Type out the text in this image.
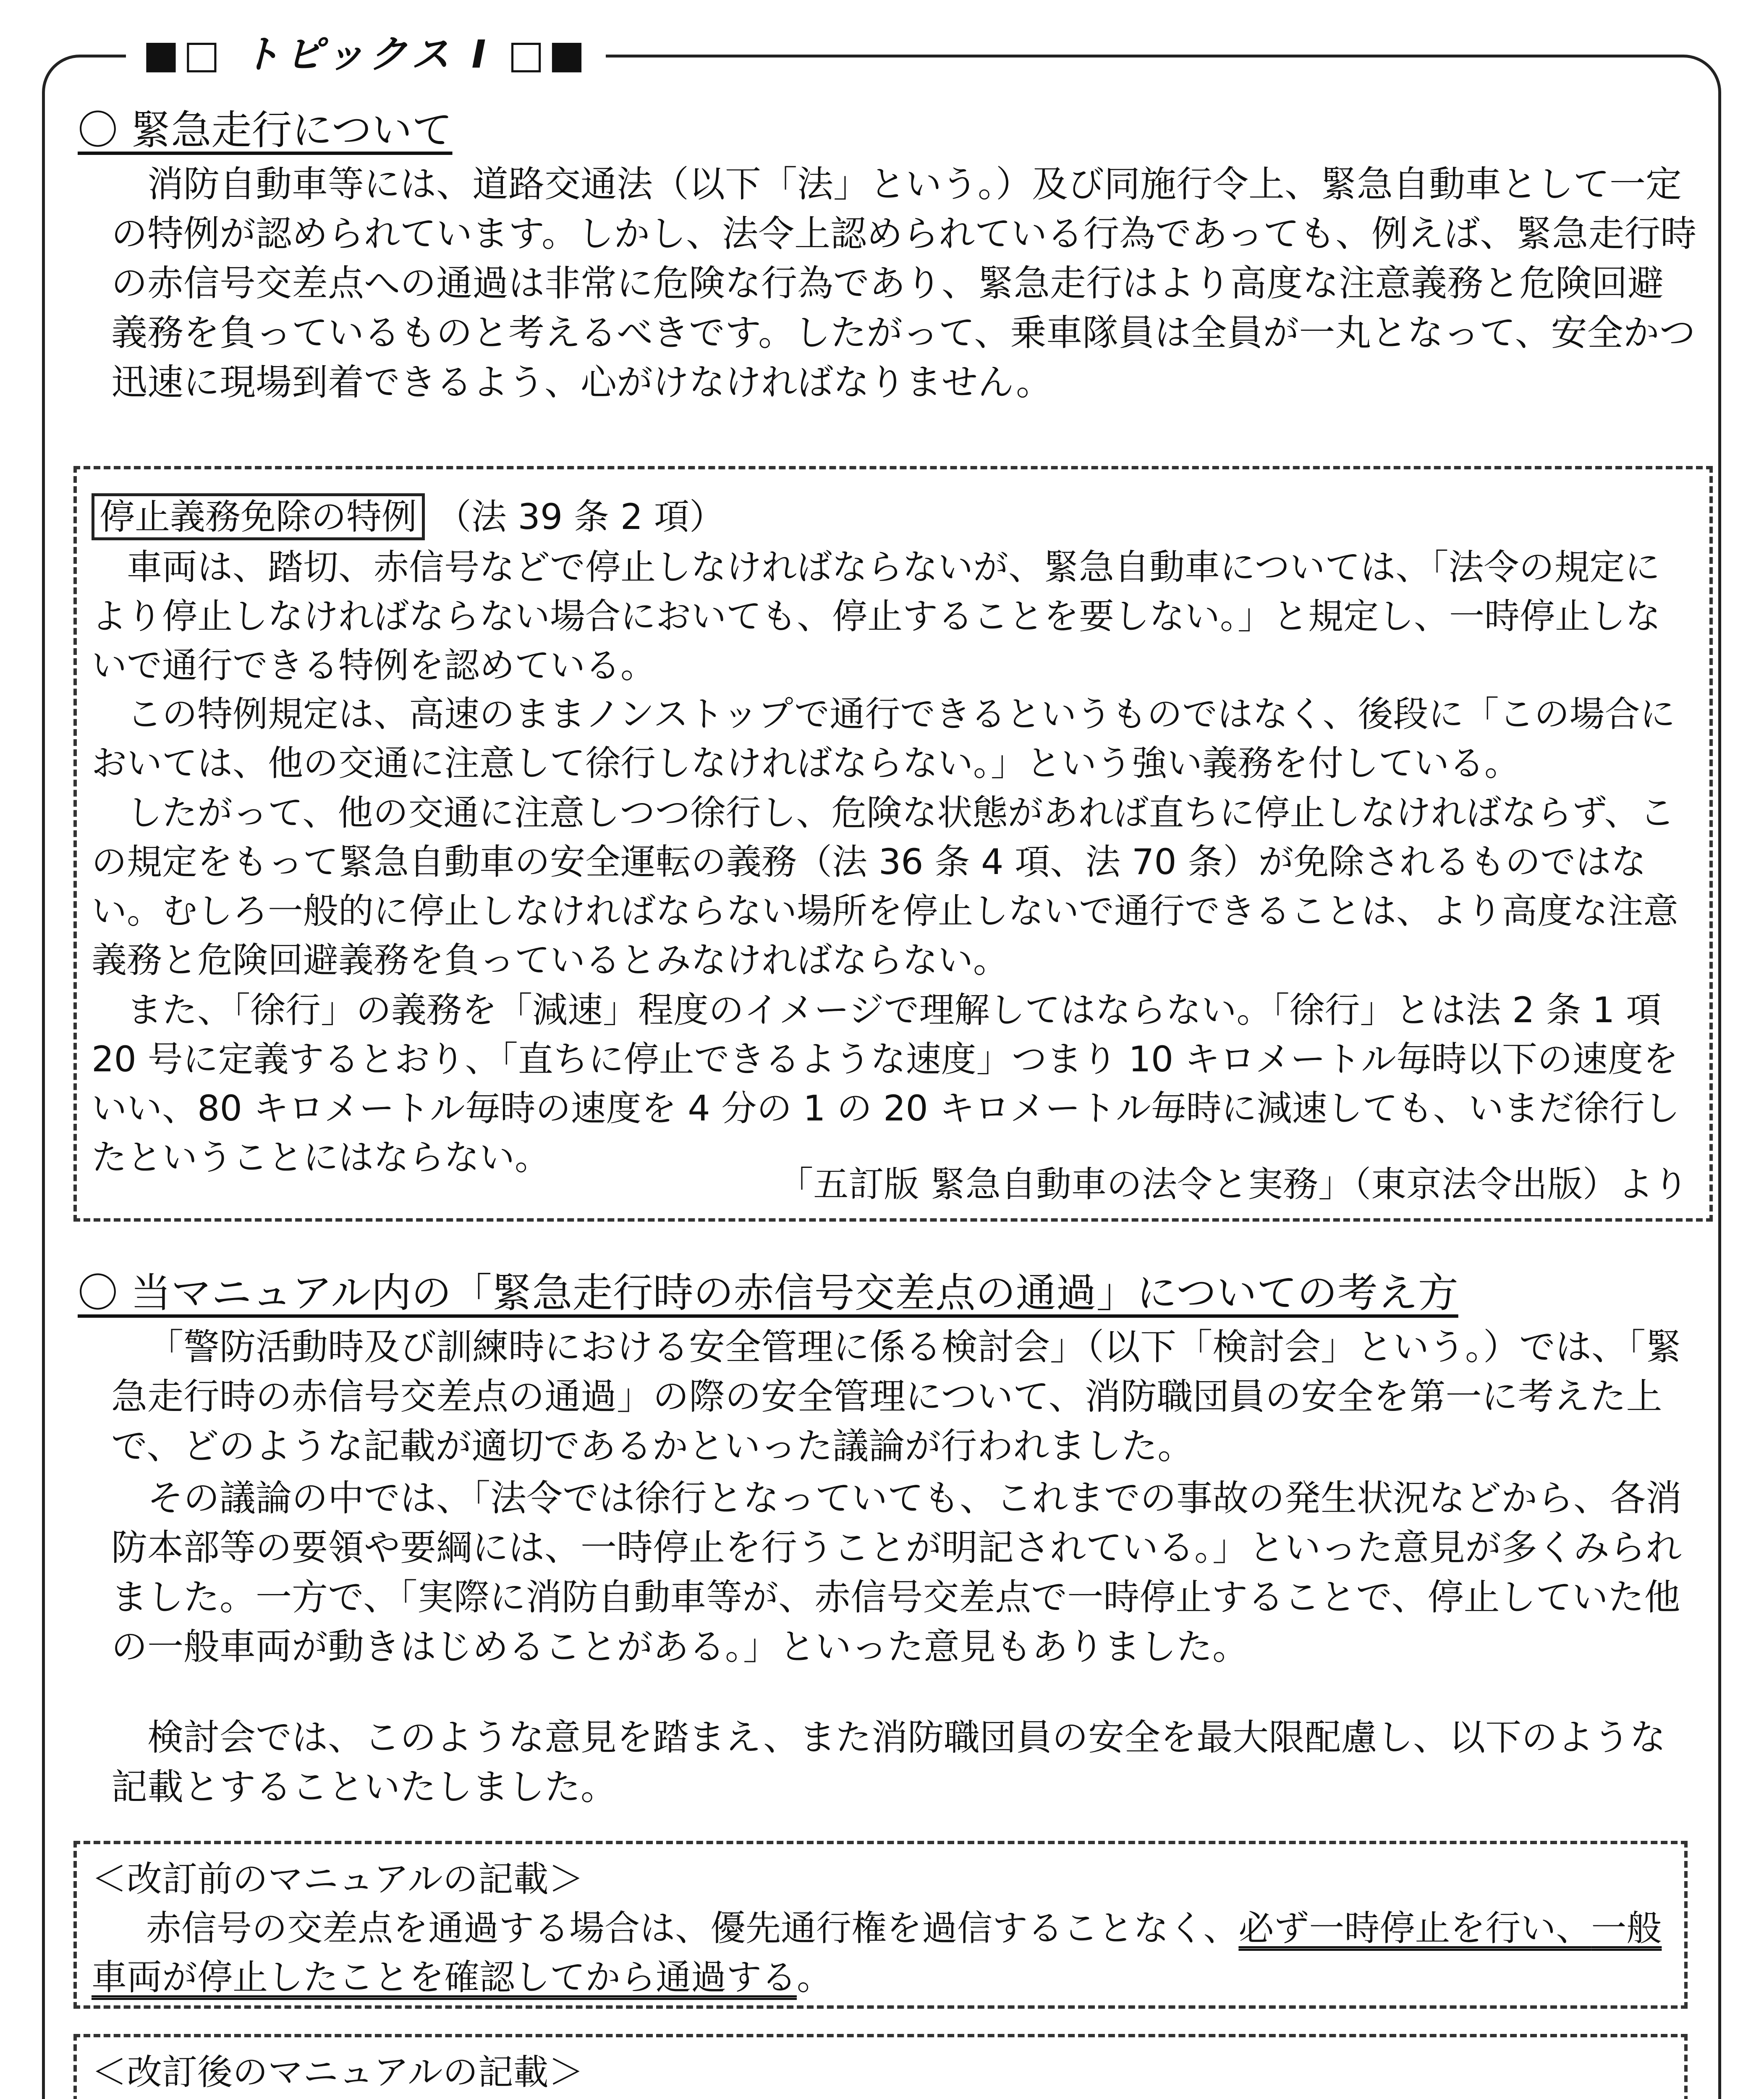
■□ トピックス Ⅰ □■
〇 緊急走行について

消防自動車等には、道路交通法（以下「法」という。）及び同施行令上、緊急自動車として一定の特例が認められています。しかし、法令上認められている行為であっても、例えば、緊急走行時の赤信号交差点への通過は非常に危険な行為であり、緊急走行はより高度な注意義務と危険回避義務を負っているものと考えるべきです。したがって、乗車隊員は全員が一丸となって、安全かつ迅速に現場到着できるよう、心がけなければなりません。

停止義務免除の特例 （法 39 条 2 項）

車両は、踏切、赤信号などで停止しなければならないが、緊急自動車については、「法令の規定により停止しなければならない場合においても、停止することを要しない。」と規定し、一時停止しないで通行できる特例を認めている。

この特例規定は、高速のままノンストップで通行できるというものではなく、後段に「この場合においては、他の交通に注意して徐行しなければならない。」という強い義務を付している。

したがって、他の交通に注意しつつ徐行し、危険な状態があれば直ちに停止しなければならず、この規定をもって緊急自動車の安全運転の義務（法 36 条 4 項、法 70 条）が免除されるものではない。むしろ一般的に停止しなければならない場所を停止しないで通行できることは、より高度な注意義務と危険回避義務を負っているとみなければならない。

また、「徐行」の義務を「減速」程度のイメージで理解してはならない。「徐行」とは法 2 条 1 項 20 号に定義するとおり、「直ちに停止できるような速度」つまり 10 キロメートル毎時以下の速度をいい、80 キロメートル毎時の速度を 4 分の 1 の 20 キロメートル毎時に減速しても、いまだ徐行したということにはならない。

「五訂版 緊急自動車の法令と実務」（東京法令出版）より
〇 当マニュアル内の「緊急走行時の赤信号交差点の通過」についての考え方

「警防活動時及び訓練時における安全管理に係る検討会」（以下「検討会」という。）では、「緊急走行時の赤信号交差点の通過」の際の安全管理について、消防職団員の安全を第一に考えた上で、どのような記載が適切であるかといった議論が行われました。

その議論の中では、「法令では徐行となっていても、これまでの事故の発生状況などから、各消防本部等の要領や要綱には、一時停止を行うことが明記されている。」といった意見が多くみられました。一方で、「実際に消防自動車等が、赤信号交差点で一時停止することで、停止していた他の一般車両が動きはじめることがある。」といった意見もありました。

検討会では、このような意見を踏まえ、また消防職団員の安全を最大限配慮し、以下のような記載とすることいたしました。

＜改訂前のマニュアルの記載＞

赤信号の交差点を通過する場合は、優先通行権を過信することなく、必ず一時停止を行い、一般車両が停止したことを確認してから通過する。

＜改訂後のマニュアルの記載＞
